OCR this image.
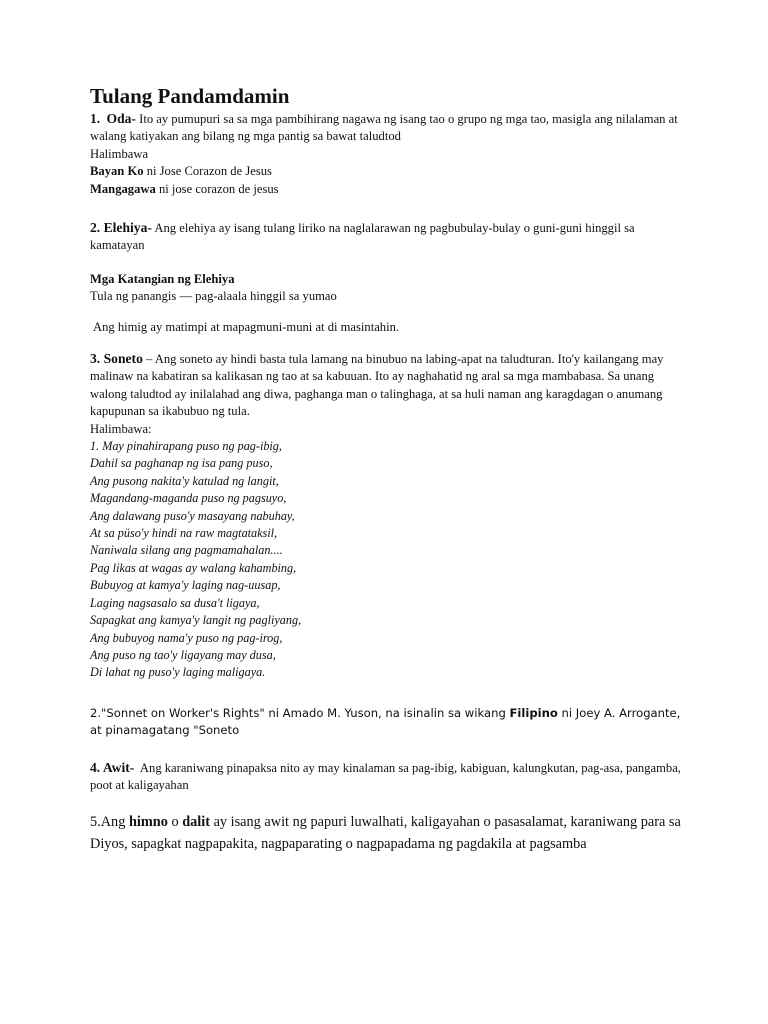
Tulang Pandamdamin

1. Oda- Ito ay pumupuri sa sa mga pambihirang nagawa ng isang tao o grupo ng mga tao, masigla ang nilalaman at walang katiyakan ang bilang ng mga pantig sa bawat taludtod

Halimbawa

Bayan Ko ni Jose Corazon de Jesus

Mangagawa ni jose corazon de jesus

2. Elehiya- Ang elehiya ay isang tulang liriko na naglalarawan ng pagbubulay-bulay o guni-guni hinggil sa kamatayan

Mga Katangian ng Elehiya

Tula ng panangis — pag-alaala hinggil sa yumao

Ang himig ay matimpi at mapagmuni-muni at di masintahin.

3. Soneto – Ang soneto ay hindi basta tula lamang na binubuo na labing-apat na taludturan. Ito'y kailangang may malinaw na kabatiran sa kalikasan ng tao at sa kabuuan. Ito ay naghahatid ng aral sa mga mambabasa. Sa unang walong taludtod ay inilalahad ang diwa, paghanga man o talinghaga, at sa huli naman ang karagdagan o anumang kapupunan sa ikabubuo ng tula.

Halimbawa:

1. May pinahirapang puso ng pag-ibig,
Dahil sa paghanap ng isa pang puso,
Ang pusong nakita'y katulad ng langit,
Magandang-maganda puso ng pagsuyo,
Ang dalawang puso'y masayang nabuhay,
At sa püso'y hindi na raw magtataksil,
Naniwala silang ang pagmamahalan....
Pag likas at wagas ay walang kahambing,
Bubuyog at kamya'y laging nag-uusap,
Laging nagsasalo sa dusa't ligaya,
Sapagkat ang kamya'y langit ng pagliyang,
Ang bubuyog nama'y puso ng pag-irog,
Ang puso ng tao'y ligayang may dusa,
Di lahat ng puso'y laging maligaya.

2."Sonnet on Worker's Rights" ni Amado M. Yuson, na isinalin sa wikang Filipino ni Joey A. Arrogante, at pinamagatang "Soneto

4. Awit- Ang karaniwang pinapaksa nito ay may kinalaman sa pag-ibig, kabiguan, kalungkutan, pag-asa, pangamba, poot at kaligayahan

5.Ang himno o dalit ay isang awit ng papuri luwalhati, kaligayahan o pasasalamat, karaniwang para sa Diyos, sapagkat nagpapakita, nagpaparating o nagpapadama ng pagdakila at pagsamba
